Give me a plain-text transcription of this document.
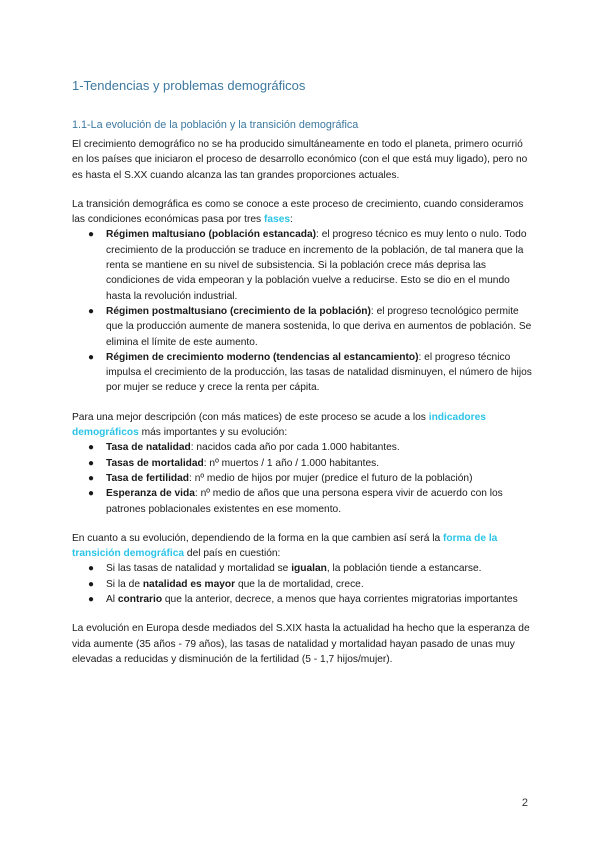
1-Tendencias y problemas demográficos
1.1-La evolución de la población y la transición demográfica

El crecimiento demográfico no se ha producido simultáneamente en todo el planeta, primero ocurrió en los países que iniciaron el proceso de desarrollo económico (con el que está muy ligado), pero no es hasta el S.XX cuando alcanza las tan grandes proporciones actuales.

La transición demográfica es como se conoce a este proceso de crecimiento, cuando consideramos las condiciones económicas pasa por tres fases:

● Régimen maltusiano (población estancada): el progreso técnico es muy lento o nulo. Todo crecimiento de la producción se traduce en incremento de la población, de tal manera que la renta se mantiene en su nivel de subsistencia. Si la población crece más deprisa las condiciones de vida empeoran y la población vuelve a reducirse. Esto se dio en el mundo hasta la revolución industrial.
● Régimen postmaltusiano (crecimiento de la población): el progreso tecnológico permite que la producción aumente de manera sostenida, lo que deriva en aumentos de población. Se elimina el límite de este aumento.
● Régimen de crecimiento moderno (tendencias al estancamiento): el progreso técnico impulsa el crecimiento de la producción, las tasas de natalidad disminuyen, el número de hijos por mujer se reduce y crece la renta per cápita.

Para una mejor descripción (con más matices) de este proceso se acude a los indicadores demográficos más importantes y su evolución:

● Tasa de natalidad: nacidos cada año por cada 1.000 habitantes.
● Tasas de mortalidad: nº muertos / 1 año / 1.000 habitantes.
● Tasa de fertilidad: nº medio de hijos por mujer (predice el futuro de la población)
● Esperanza de vida: nº medio de años que una persona espera vivir de acuerdo con los patrones poblacionales existentes en ese momento.

En cuanto a su evolución, dependiendo de la forma en la que cambien así será la forma de la transición demográfica del país en cuestión:

● Si las tasas de natalidad y mortalidad se igualan, la población tiende a estancarse.
● Si la de natalidad es mayor que la de mortalidad, crece.
● Al contrario que la anterior, decrece, a menos que haya corrientes migratorias importantes

La evolución en Europa desde mediados del S.XIX hasta la actualidad ha hecho que la esperanza de vida aumente (35 años - 79 años), las tasas de natalidad y mortalidad hayan pasado de unas muy elevadas a reducidas y disminución de la fertilidad (5 - 1,7 hijos/mujer).

2
